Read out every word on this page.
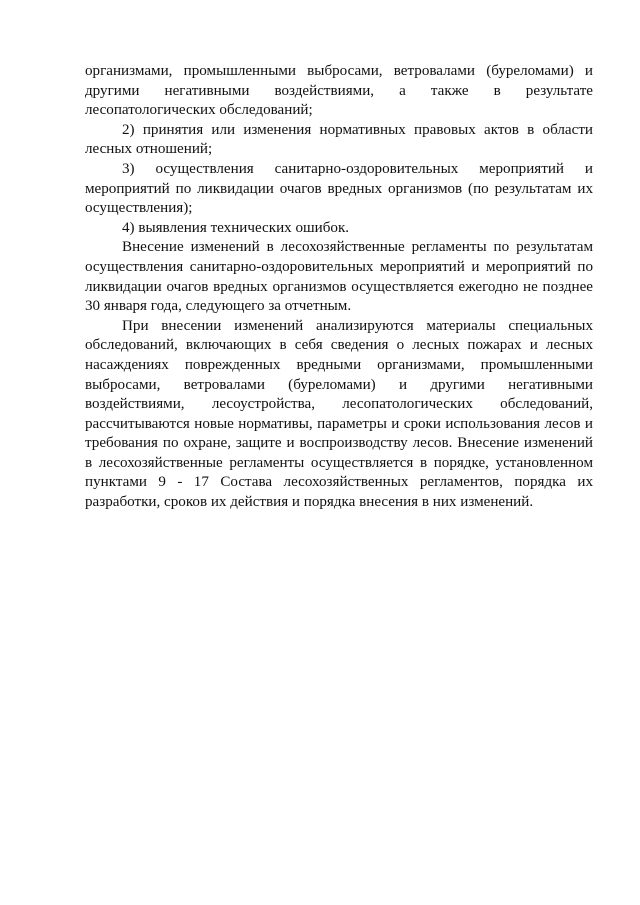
организмами, промышленными выбросами, ветровалами (буреломами) и другими негативными воздействиями, а также в результате лесопатологических обследований;

2) принятия или изменения нормативных правовых актов в области лесных отношений;

3) осуществления санитарно-оздоровительных мероприятий и мероприятий по ликвидации очагов вредных организмов (по результатам их осуществления);

4) выявления технических ошибок.

Внесение изменений в лесохозяйственные регламенты по результатам осуществления санитарно-оздоровительных мероприятий и мероприятий по ликвидации очагов вредных организмов осуществляется ежегодно не позднее 30 января года, следующего за отчетным.

При внесении изменений анализируются материалы специальных обследований, включающих в себя сведения о лесных пожарах и лесных насаждениях поврежденных вредными организмами, промышленными выбросами, ветровалами (буреломами) и другими негативными воздействиями, лесоустройства, лесопатологических обследований, рассчитываются новые нормативы, параметры и сроки использования лесов и требования по охране, защите и воспроизводству лесов. Внесение изменений в лесохозяйственные регламенты осуществляется в порядке, установленном пунктами 9 - 17 Состава лесохозяйственных регламентов, порядка их разработки, сроков их действия и порядка внесения в них изменений.
